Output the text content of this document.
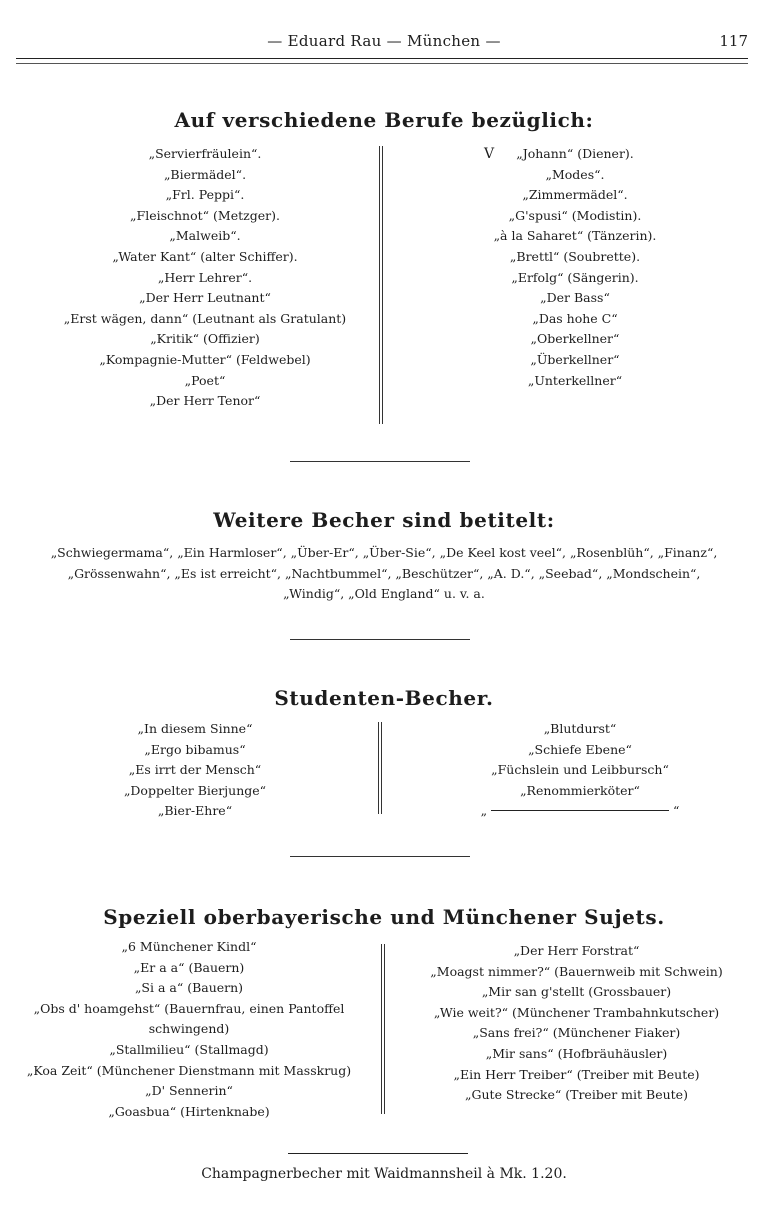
— Eduard Rau — München —	117
Auf verschiedene Berufe bezüglich:
„Servierfräulein“.
„Biermädel“.
„Frl. Peppi“.
„Fleischnot“ (Metzger).
„Malweib“.
„Water Kant“ (alter Schiffer).
„Herr Lehrer“.
„Der Herr Leutnant“
„Erst wägen, dann“ (Leutnant als Gratulant)
„Kritik“ (Offizier)
„Kompagnie-Mutter“ (Feldwebel)
„Poet“
„Der Herr Tenor“
V	„Johann“ (Diener).
„Modes“.
„Zimmermädel“.
„G'spusi“ (Modistin).
„à la Saharet“ (Tänzerin).
„Brettl“ (Soubrette).
„Erfolg“ (Sängerin).
„Der Bass“
„Das hohe C“
„Oberkellner“
„Überkellner“
„Unterkellner“
Weitere Becher sind betitelt:
„Schwiegermama“, „Ein Harmloser“, „Über-Er“, „Über-Sie“, „De Keel kost veel“, „Rosenblüh“, „Finanz“,
„Grössenwahn“, „Es ist erreicht“, „Nachtbummel“, „Beschützer“, „A. D.“, „Seebad“, „Mondschein“,
„Windig“, „Old England“ u. v. a.
Studenten-Becher.
„In diesem Sinne“
„Ergo bibamus“
„Es irrt der Mensch“
„Doppelter Bierjunge“
„Bier-Ehre“
„Blutdurst“
„Schiefe Ebene“
„Füchslein und Leibbursch“
„Renommierköter“
„	“
Speziell oberbayerische und Münchener Sujets.
„6 Münchener Kindl“
„Er a a“ (Bauern)
„Si a a“ (Bauern)
„Obs d' hoamgehst“ (Bauernfrau, einen Pantoffel
schwingend)
„Stallmilieu“ (Stallmagd)
„Koa Zeit“ (Münchener Dienstmann mit Masskrug)
„D' Sennerin“
„Goasbua“ (Hirtenknabe)
„Der Herr Forstrat“
„Moagst nimmer?“ (Bauernweib mit Schwein)
„Mir san g'stellt (Grossbauer)
„Wie weit?“ (Münchener Trambahnkutscher)
„Sans frei?“ (Münchener Fiaker)
„Mir sans“ (Hofbräuhäusler)
„Ein Herr Treiber“ (Treiber mit Beute)
„Gute Strecke“ (Treiber mit Beute)
Champagnerbecher mit Waidmannsheil à Mk. 1.20.
